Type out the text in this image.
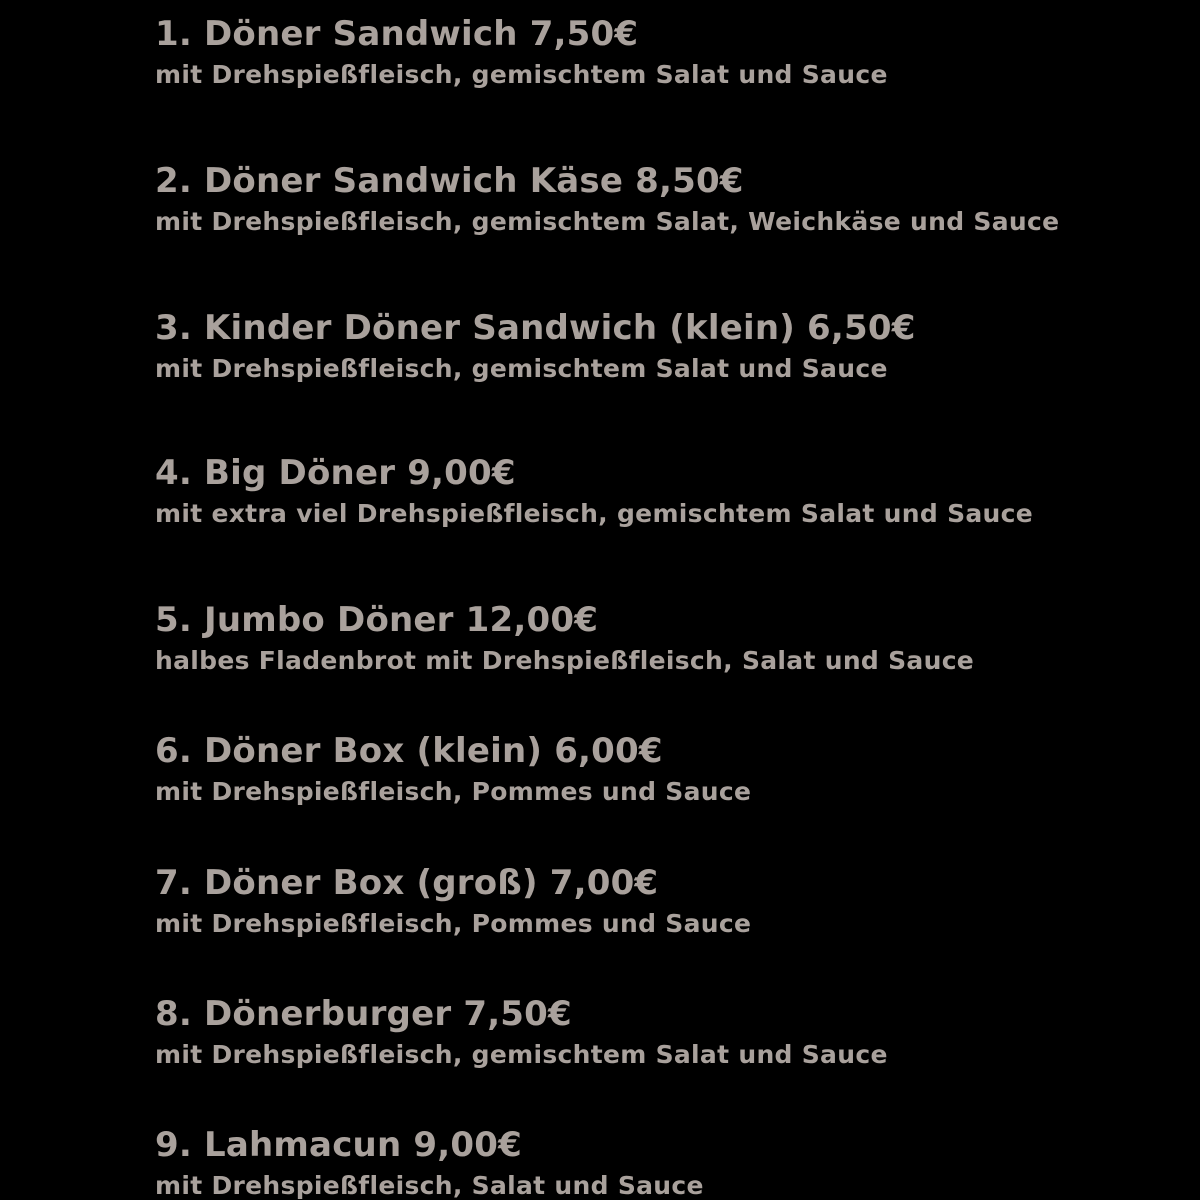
1. Döner Sandwich 7,50€
mit Drehspießfleisch, gemischtem Salat und Sauce
2. Döner Sandwich Käse 8,50€
mit Drehspießfleisch, gemischtem Salat, Weichkäse und Sauce
3. Kinder Döner Sandwich (klein) 6,50€
mit Drehspießfleisch, gemischtem Salat und Sauce
4. Big Döner 9,00€
mit extra viel Drehspießfleisch, gemischtem Salat und Sauce
5. Jumbo Döner 12,00€
halbes Fladenbrot mit Drehspießfleisch, Salat und Sauce
6. Döner Box (klein) 6,00€
mit Drehspießfleisch, Pommes und Sauce
7. Döner Box (groß) 7,00€
mit Drehspießfleisch, Pommes und Sauce
8. Dönerburger 7,50€
mit Drehspießfleisch, gemischtem Salat und Sauce
9. Lahmacun 9,00€
mit Drehspießfleisch, Salat und Sauce
